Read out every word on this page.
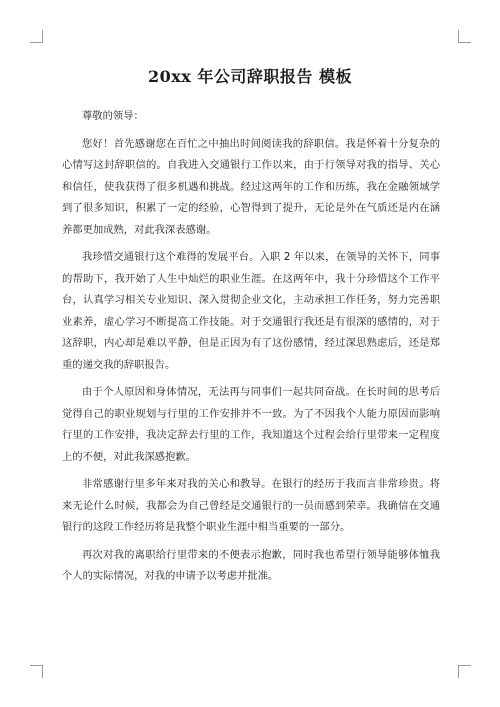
20xx 年公司辞职报告 模板

尊敬的领导：

您好！首先感谢您在百忙之中抽出时间阅读我的辞职信。我是怀着十分复杂的心情写这封辞职信的。自我进入交通银行工作以来，由于行领导对我的指导、关心和信任，使我获得了很多机遇和挑战。经过这两年的工作和历练，我在金融领域学到了很多知识，积累了一定的经验，心智得到了提升，无论是外在气质还是内在涵养都更加成熟，对此我深表感谢。

我珍惜交通银行这个难得的发展平台。入职 2 年以来，在领导的关怀下，同事的帮助下，我开始了人生中灿烂的职业生涯。在这两年中，我十分珍惜这个工作平台，认真学习相关专业知识、深入贯彻企业文化，主动承担工作任务，努力完善职业素养，虚心学习不断提高工作技能。对于交通银行我还是有很深的感情的，对于这辞职，内心却是难以平静，但是正因为有了这份感情，经过深思熟虑后，还是郑重的递交我的辞职报告。

由于个人原因和身体情况，无法再与同事们一起共同奋战。在长时间的思考后觉得自己的职业规划与行里的工作安排并不一致。为了不因我个人能力原因而影响行里的工作安排，我决定辞去行里的工作，我知道这个过程会给行里带来一定程度上的不便，对此我深感抱歉。

非常感谢行里多年来对我的关心和教导。在银行的经历于我而言非常珍贵。将来无论什么时候，我都会为自己曾经是交通银行的一员而感到荣幸。我确信在交通银行的这段工作经历将是我整个职业生涯中相当重要的一部分。

再次对我的离职给行里带来的不便表示抱歉，同时我也希望行领导能够体恤我个人的实际情况，对我的申请予以考虑并批准。
